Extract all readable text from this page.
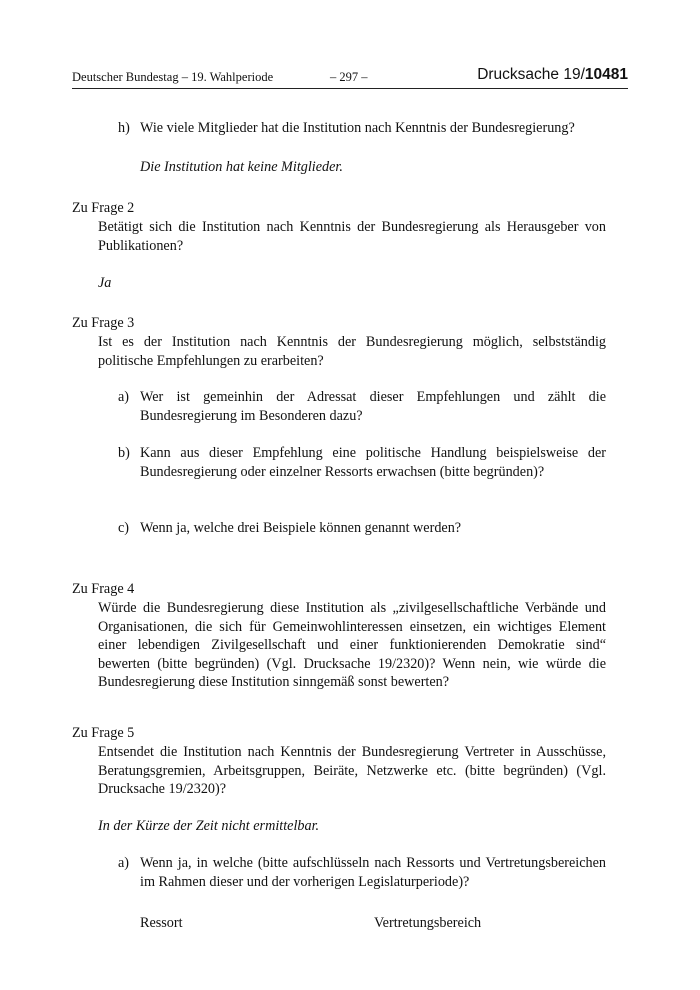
Deutscher Bundestag – 19. Wahlperiode	– 297 –	Drucksache 19/10481
h) Wie viele Mitglieder hat die Institution nach Kenntnis der Bundesregierung?

Die Institution hat keine Mitglieder.

Zu Frage 2

Betätigt sich die Institution nach Kenntnis der Bundesregierung als Herausgeber von Publikationen?

Ja

Zu Frage 3

Ist es der Institution nach Kenntnis der Bundesregierung möglich, selbstständig politische Empfehlungen zu erarbeiten?

a) Wer ist gemeinhin der Adressat dieser Empfehlungen und zählt die Bundesregierung im Besonderen dazu?

b) Kann aus dieser Empfehlung eine politische Handlung beispielsweise der Bundesregierung oder einzelner Ressorts erwachsen (bitte begründen)?

c) Wenn ja, welche drei Beispiele können genannt werden?

Zu Frage 4

Würde die Bundesregierung diese Institution als „zivilgesellschaftliche Verbände und Organisationen, die sich für Gemeinwohlinteressen einsetzen, ein wichtiges Element einer lebendigen Zivilgesellschaft und einer funktionierenden Demokratie sind“ bewerten (bitte begründen) (Vgl. Drucksache 19/2320)? Wenn nein, wie würde die Bundesregierung diese Institution sinngemäß sonst bewerten?

Zu Frage 5

Entsendet die Institution nach Kenntnis der Bundesregierung Vertreter in Ausschüsse, Beratungsgremien, Arbeitsgruppen, Beiräte, Netzwerke etc. (bitte begründen) (Vgl. Drucksache 19/2320)?

In der Kürze der Zeit nicht ermittelbar.

a) Wenn ja, in welche (bitte aufschlüsseln nach Ressorts und Vertretungsbereichen im Rahmen dieser und der vorherigen Legislaturperiode)?

Ressort	Vertretungsbereich
